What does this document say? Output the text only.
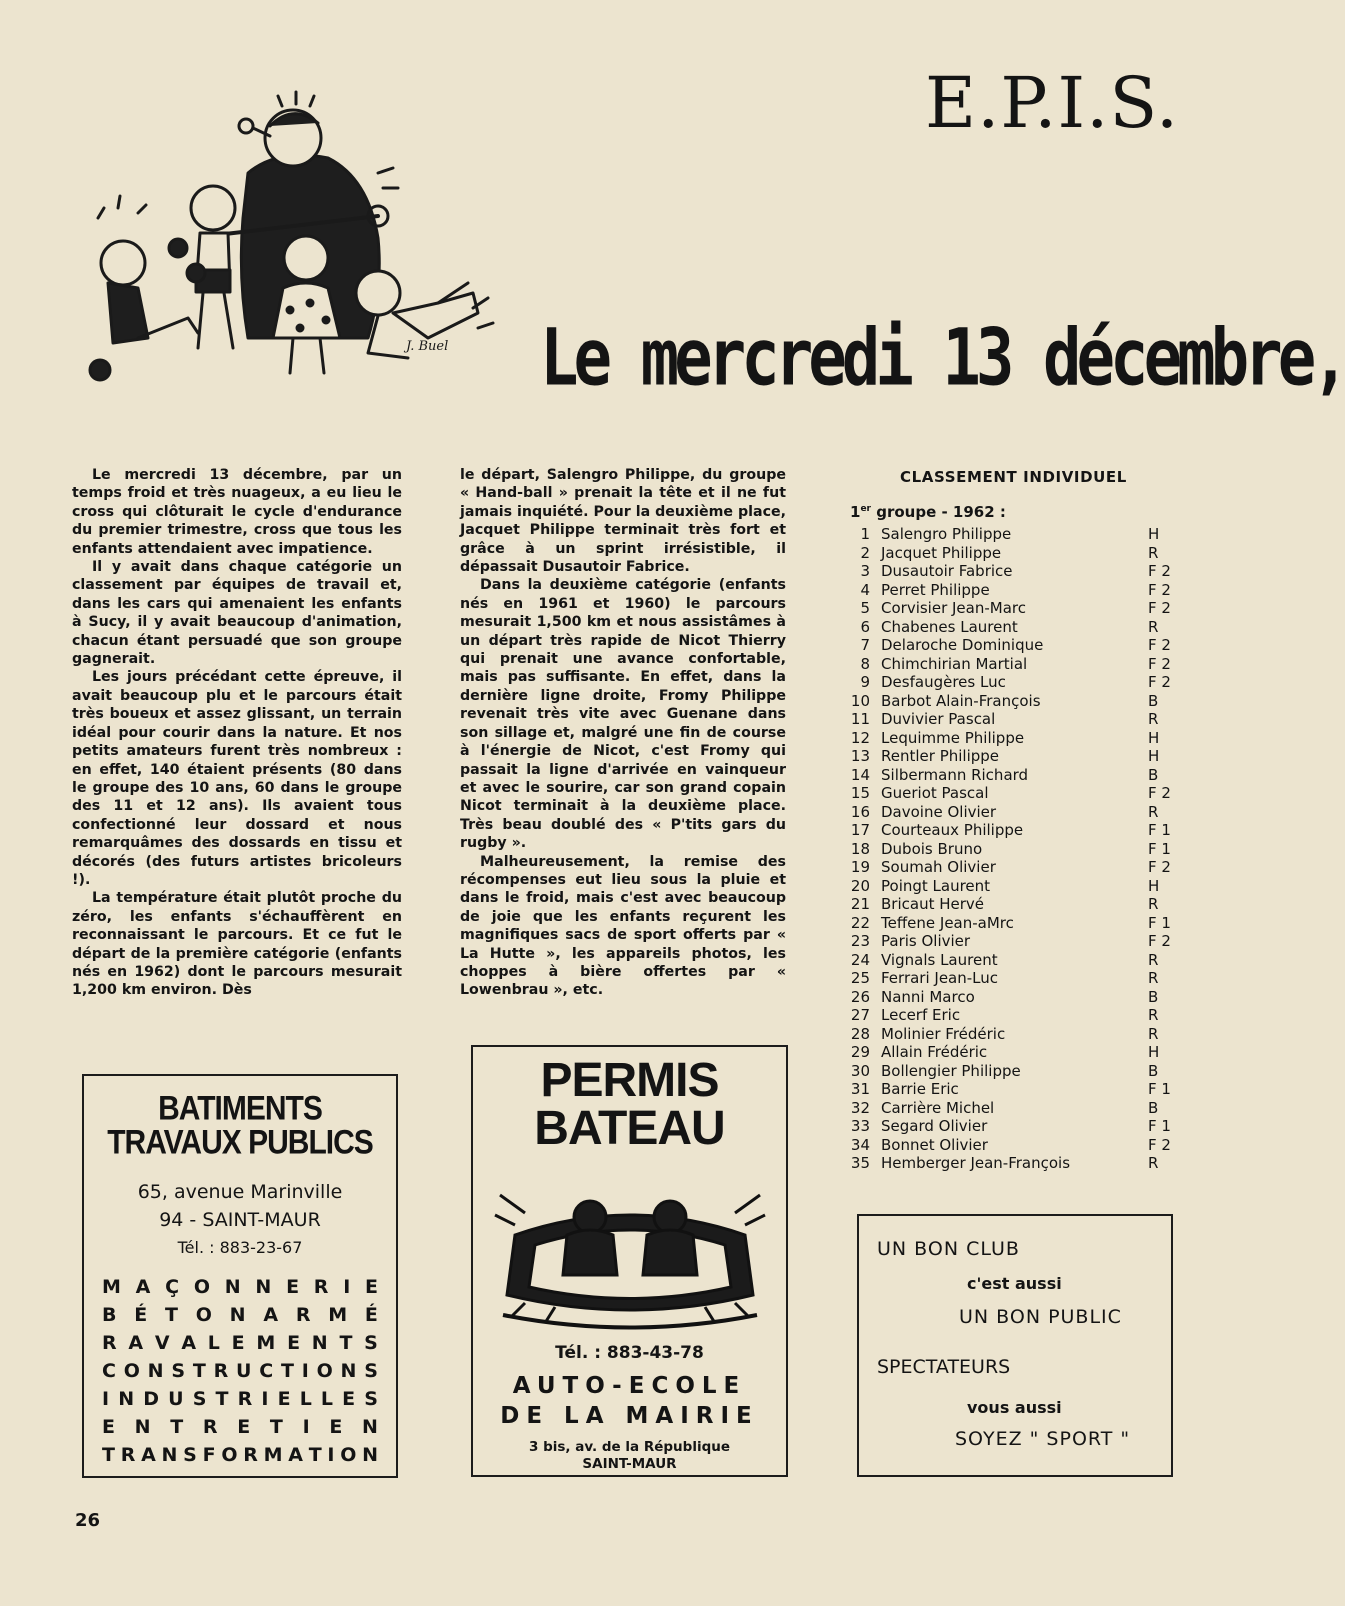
J. Buel
E.P.I.S.
Le mercredi 13 décembre,

Le mercredi 13 décembre, par un temps froid et très nuageux, a eu lieu le cross qui clôturait le cycle d'endurance du premier trimestre, cross que tous les enfants attendaient avec impatience.

Il y avait dans chaque catégorie un classement par équipes de travail et, dans les cars qui amenaient les enfants à Sucy, il y avait beaucoup d'animation, chacun étant persuadé que son groupe gagnerait.

Les jours précédant cette épreuve, il avait beaucoup plu et le parcours était très boueux et assez glissant, un terrain idéal pour courir dans la nature. Et nos petits amateurs furent très nombreux : en effet, 140 étaient présents (80 dans le groupe des 10 ans, 60 dans le groupe des 11 et 12 ans). Ils avaient tous confectionné leur dossard et nous remarquâmes des dossards en tissu et décorés (des futurs artistes bricoleurs !).

La température était plutôt proche du zéro, les enfants s'échauffèrent en reconnaissant le parcours. Et ce fut le départ de la première catégorie (enfants nés en 1962) dont le parcours mesurait 1,200 km environ. Dès

le départ, Salengro Philippe, du groupe « Hand-ball » prenait la tête et il ne fut jamais inquiété. Pour la deuxième place, Jacquet Philippe terminait très fort et grâce à un sprint irrésistible, il dépassait Dusautoir Fabrice.

Dans la deuxième catégorie (enfants nés en 1961 et 1960) le parcours mesurait 1,500 km et nous assistâmes à un départ très rapide de Nicot Thierry qui prenait une avance confortable, mais pas suffisante. En effet, dans la dernière ligne droite, Fromy Philippe revenait très vite avec Guenane dans son sillage et, malgré une fin de course à l'énergie de Nicot, c'est Fromy qui passait la ligne d'arrivée en vainqueur et avec le sourire, car son grand copain Nicot terminait à la deuxième place. Très beau doublé des « P'tits gars du rugby ».

Malheureusement, la remise des récompenses eut lieu sous la pluie et dans le froid, mais c'est avec beaucoup de joie que les enfants reçurent les magnifiques sacs de sport offerts par « La Hutte », les appareils photos, les choppes à bière offertes par « Lowenbrau », etc.

CLASSEMENT INDIVIDUEL
1er groupe - 1962 :
1 Salengro Philippe	H
2 Jacquet Philippe	R
3 Dusautoir Fabrice	F 2
4 Perret Philippe	F 2
5 Corvisier Jean-Marc	F 2
6 Chabenes Laurent	R
7 Delaroche Dominique	F 2
8 Chimchirian Martial	F 2
9 Desfaugères Luc	F 2
10 Barbot Alain-François	B
11 Duvivier Pascal	R
12 Lequimme Philippe	H
13 Rentler Philippe	H
14 Silbermann Richard	B
15 Gueriot Pascal	F 2
16 Davoine Olivier	R
17 Courteaux Philippe	F 1
18 Dubois Bruno	F 1
19 Soumah Olivier	F 2
20 Poingt Laurent	H
21 Bricaut Hervé	R
22 Teffene Jean-aMrc	F 1
23 Paris Olivier	F 2
24 Vignals Laurent	R
25 Ferrari Jean-Luc	R
26 Nanni Marco	B
27 Lecerf Eric	R
28 Molinier Frédéric	R
29 Allain Frédéric	H
30 Bollengier Philippe	B
31 Barrie Eric	F 1
32 Carrière Michel	B
33 Segard Olivier	F 1
34 Bonnet Olivier	F 2
35 Hemberger Jean-François	R
BATIMENTS
TRAVAUX PUBLICS
65, avenue Marinville
94 - SAINT-MAUR
Tél. : 883-23-67
M A Ç O N N E R I E
B É T O N A R M É
R A V A L E M E N T S
C O N S T R U C T I O N S
I N D U S T R I E L L E S
E N T R E T I E N
T R A N S F O R M A T I O N
PERMIS
BATEAU
Tél. : 883-43-78
AUTO-ECOLE
DE LA MAIRIE
3 bis, av. de la République
SAINT-MAUR
UN BON CLUB
c'est aussi
UN BON PUBLIC
SPECTATEURS
vous aussi
SOYEZ " SPORT "
26
